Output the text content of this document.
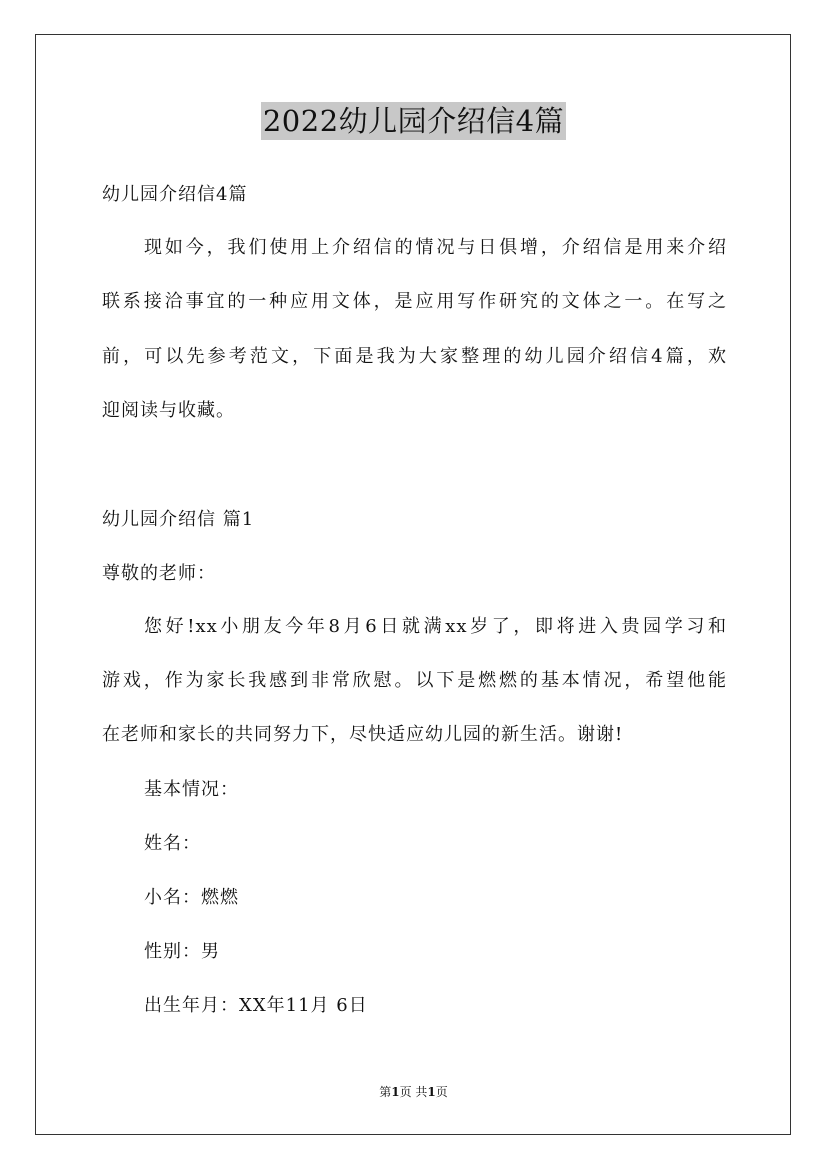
2022幼儿园介绍信4篇
幼儿园介绍信4篇
现如今，我们使用上介绍信的情况与日俱增，介绍信是用来介绍
联系接洽事宜的一种应用文体，是应用写作研究的文体之一。在写之
前，可以先参考范文，下面是我为大家整理的幼儿园介绍信4篇，欢
迎阅读与收藏。
幼儿园介绍信 篇1
尊敬的老师：
您好!xx小朋友今年8月6日就满xx岁了，即将进入贵园学习和
游戏，作为家长我感到非常欣慰。以下是燃燃的基本情况，希望他能
在老师和家长的共同努力下，尽快适应幼儿园的新生活。谢谢!
基本情况：
姓名：
小名：燃燃
性别：男
出生年月：XX年11月 6日
第1页 共1页
